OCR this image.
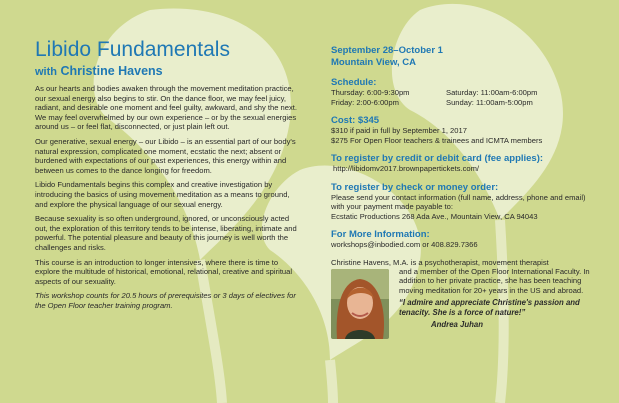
Libido Fundamentals
with Christine Havens

As our hearts and bodies awaken through the movement meditation practice, our sexual energy also begins to stir. On the dance floor, we may feel juicy, radiant, and desirable one moment and feel guilty, awkward, and shy the next. We may feel overwhelmed by our own experience – or by the sexual energies around us – or feel flat, disconnected, or just plain left out.

Our generative, sexual energy – our Libido – is an essential part of our body's natural expression, complicated one moment, ecstatic the next; absent or burdened with expectations of our past experiences, this energy within and between us comes to the dance longing for freedom.

Libido Fundamentals begins this complex and creative investigation by introducing the basics of using movement meditation as a means to ground, and explore the physical language of our sexual energy.

Because sexuality is so often underground, ignored, or unconsciously acted out, the exploration of this territory tends to be intense, liberating, intimate and powerful. The potential pleasure and beauty of this journey is well worth the challenges and risks.

This course is an introduction to longer intensives, where there is time to explore the multitude of historical, emotional, relational, creative and spiritual aspects of our sexuality.

This workshop counts for 20.5 hours of prerequisites or 3 days of electives for the Open Floor teacher training program.

September 28–October 1
Mountain View, CA
Schedule:
Thursday: 6:00-9:30pm	Saturday: 11:00am-6:00pm
Friday: 2:00-6:00pm	Sunday: 11:00am-5:00pm
Cost: $345
$310 if paid in full by September 1, 2017
$275 For Open Floor teachers & trainees and ICMTA members
To register by credit or debit card (fee applies):
http://libidomv2017.brownpapertickets.com/
To register by check or money order:
Please send your contact information (full name, address, phone and email) with your payment made payable to:
Ecstatic Productions 268 Ada Ave., Mountain View, CA 94043
For More Information:
workshops@inbodied.com or 408.829.7366
Christine Havens, M.A. is a psychotherapist, movement therapist
and a member of the Open Floor International Faculty. In addition to her private practice, she has been teaching moving meditation for 20+ years in the US and abroad.
“I admire and appreciate Christine's passion and tenacity. She is a force of nature!”
Andrea Juhan
